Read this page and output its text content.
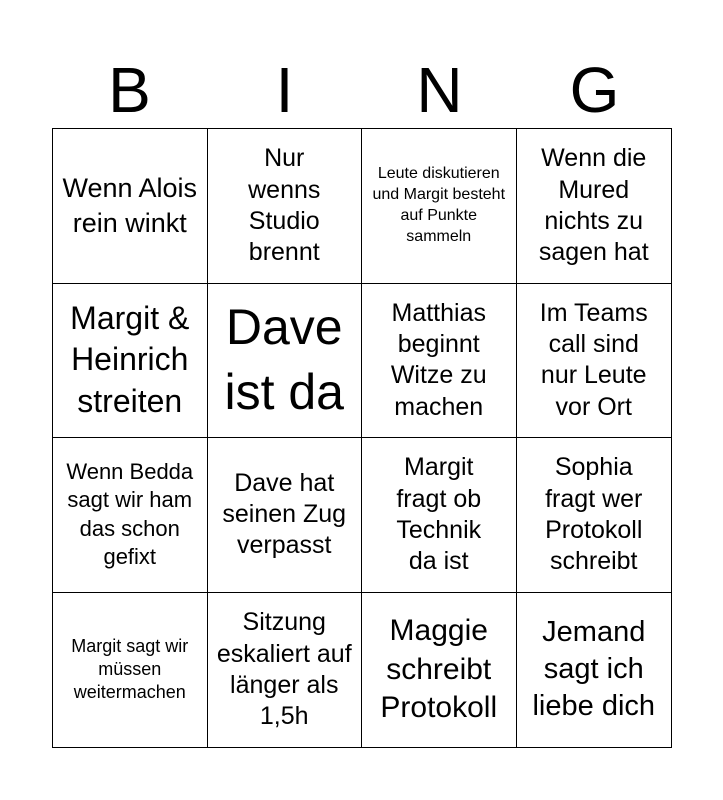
B	I	N	G
Wenn Alois rein winkt
Nur wenns Studio brennt
Leute diskutieren und Margit besteht auf Punkte sammeln
Wenn die Mured nichts zu sagen hat
Margit & Heinrich streiten
Dave ist da
Matthias beginnt Witze zu machen
Im Teams call sind nur Leute vor Ort
Wenn Bedda sagt wir ham das schon gefixt
Dave hat seinen Zug verpasst
Margit fragt ob Technik da ist
Sophia fragt wer Protokoll schreibt
Margit sagt wir müssen weitermachen
Sitzung eskaliert auf länger als 1,5h
Maggie schreibt Protokoll
Jemand sagt ich liebe dich
